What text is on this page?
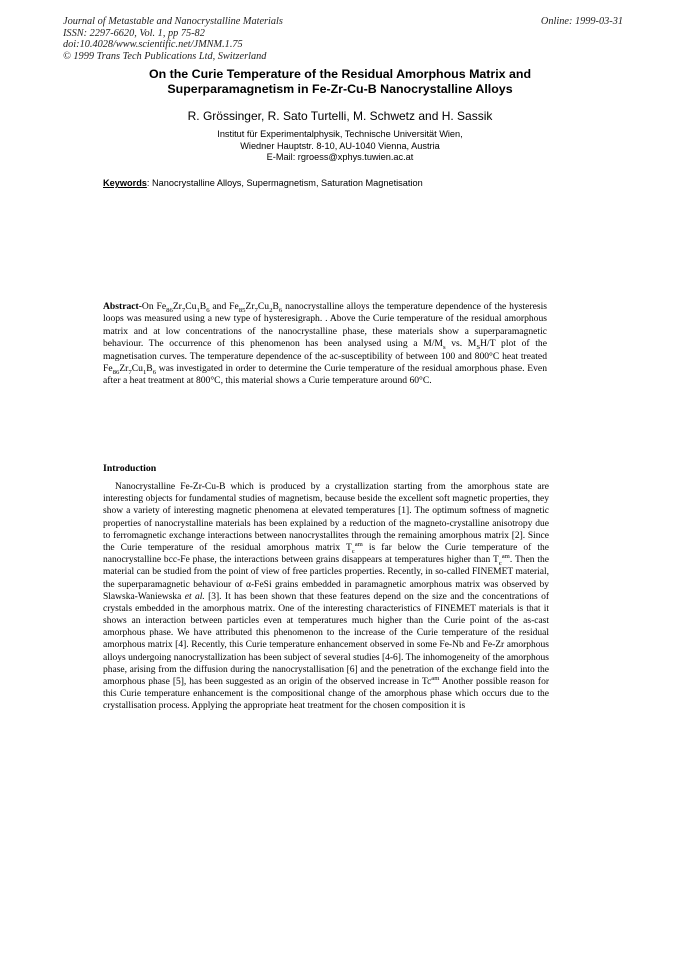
Journal of Metastable and Nanocrystalline Materials
ISSN: 2297-6620, Vol. 1, pp 75-82
doi:10.4028/www.scientific.net/JMNM.1.75
© 1999 Trans Tech Publications Ltd, Switzerland
Online: 1999-03-31
On the Curie Temperature of the Residual Amorphous Matrix and
Superparamagnetism in Fe-Zr-Cu-B Nanocrystalline Alloys
R. Grössinger, R. Sato Turtelli, M. Schwetz and H. Sassik
Institut für Experimentalphysik, Technische Universität Wien,
Wiedner Hauptstr. 8-10, AU-1040 Vienna, Austria
E-Mail: rgroess@xphys.tuwien.ac.at
Keywords: Nanocrystalline Alloys, Supermagnetism, Saturation Magnetisation
Abstract-On $Fe_{86}Zr_7Cu_1B_6$ and $Fe_{85}Zr_7Cu_2B_6$ nanocrystalline alloys the temperature dependence of the hysteresis loops was measured using a new type of hysteresigraph. . Above the Curie temperature of the residual amorphous matrix and at low concentrations of the nanocrystalline phase, these materials show a superparamagnetic behaviour. The occurrence of this phenomenon has been analysed using a $M/M_s$ vs. $M_SH/T$ plot of the magnetisation curves. The temperature dependence of the ac-susceptibility of between 100 and 800°C heat treated $Fe_{86}Zr_7Cu_1B_6$ was investigated in order to determine the Curie temperature of the residual amorphous phase. Even after a heat treatment at 800°C, this material shows a Curie temperature around 60°C.
Introduction
Nanocrystalline Fe-Zr-Cu-B which is produced by a crystallization starting from the amorphous state are interesting objects for fundamental studies of magnetism, because beside the excellent soft magnetic properties, they show a variety of interesting magnetic phenomena at elevated temperatures [1]. The optimum softness of magnetic properties of nanocrystalline materials has been explained by a reduction of the magneto-crystalline anisotropy due to ferromagnetic exchange interactions between nanocrystallites through the remaining amorphous matrix [2]. Since the Curie temperature of the residual amorphous matrix $T_c^{am}$ is far below the Curie temperature of the nanocrystalline bcc-Fe phase, the interactions between grains disappears at temperatures higher than $T_c^{am}$. Then the material can be studied from the point of view of free particles properties. Recently, in so-called FINEMET material, the superparamagnetic behaviour of α-FeSi grains embedded in paramagnetic amorphous matrix was observed by Slawska-Waniewska et al. [3]. It has been shown that these features depend on the size and the concentrations of crystals embedded in the amorphous matrix. One of the interesting characteristics of FINEMET materials is that it shows an interaction between particles even at temperatures much higher than the Curie point of the as-cast amorphous phase. We have attributed this phenomenon to the increase of the Curie temperature of the residual amorphous matrix [4]. Recently, this Curie temperature enhancement observed in some Fe-Nb and Fe-Zr amorphous alloys undergoing nanocrystallization has been subject of several studies [4-6]. The inhomogeneity of the amorphous phase, arising from the diffusion during the nanocrystallisation [6] and the penetration of the exchange field into the amorphous phase [5], has been suggested as an origin of the observed increase in $Tc^{am}$ Another possible reason for this Curie temperature enhancement is the compositional change of the amorphous phase which occurs due to the crystallisation process. Applying the appropriate heat treatment for the chosen composition it is
